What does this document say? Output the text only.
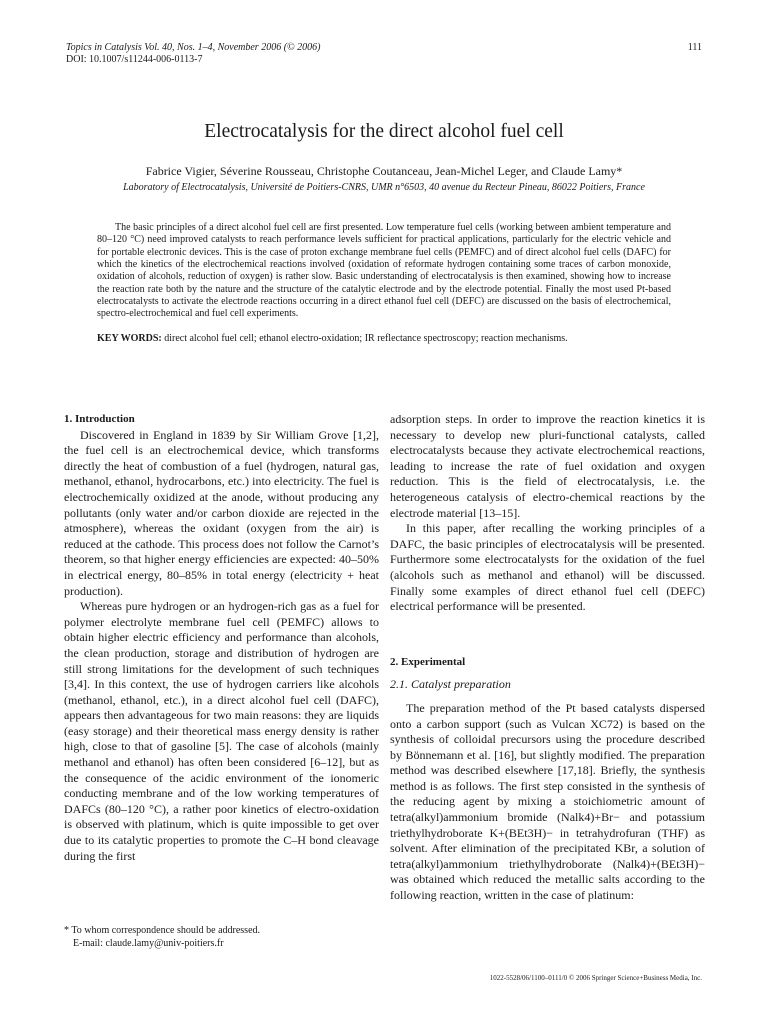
Topics in Catalysis Vol. 40, Nos. 1–4, November 2006 (© 2006)
DOI: 10.1007/s11244-006-0113-7
111
Electrocatalysis for the direct alcohol fuel cell
Fabrice Vigier, Séverine Rousseau, Christophe Coutanceau, Jean-Michel Leger, and Claude Lamy*
Laboratory of Electrocatalysis, Université de Poitiers-CNRS, UMR n°6503, 40 avenue du Recteur Pineau, 86022 Poitiers, France

The basic principles of a direct alcohol fuel cell are first presented. Low temperature fuel cells (working between ambient temperature and 80–120 °C) need improved catalysts to reach performance levels sufficient for practical applications, particularly for the electric vehicle and for portable electronic devices. This is the case of proton exchange membrane fuel cells (PEMFC) and of direct alcohol fuel cells (DAFC) for which the kinetics of the electrochemical reactions involved (oxidation of reformate hydrogen containing some traces of carbon monoxide, oxidation of alcohols, reduction of oxygen) is rather slow. Basic understanding of electrocatalysis is then examined, showing how to increase the reaction rate both by the nature and the structure of the catalytic electrode and by the electrode potential. Finally the most used Pt-based electrocatalysts to activate the electrode reactions occurring in a direct ethanol fuel cell (DEFC) are discussed on the basis of electrochemical, spectro-electrochemical and fuel cell experiments.

KEY WORDS: direct alcohol fuel cell; ethanol electro-oxidation; IR reflectance spectroscopy; reaction mechanisms.

1. Introduction

Discovered in England in 1839 by Sir William Grove [1,2], the fuel cell is an electrochemical device, which transforms directly the heat of combustion of a fuel (hydrogen, natural gas, methanol, ethanol, hydrocarbons, etc.) into electricity. The fuel is electrochemically oxidized at the anode, without producing any pollutants (only water and/or carbon dioxide are rejected in the atmosphere), whereas the oxidant (oxygen from the air) is reduced at the cathode. This process does not follow the Carnot’s theorem, so that higher energy efficiencies are expected: 40–50% in electrical energy, 80–85% in total energy (electricity + heat production).

Whereas pure hydrogen or an hydrogen-rich gas as a fuel for polymer electrolyte membrane fuel cell (PEMFC) allows to obtain higher electric efficiency and performance than alcohols, the clean production, storage and distribution of hydrogen are still strong limitations for the development of such techniques [3,4]. In this context, the use of hydrogen carriers like alcohols (methanol, ethanol, etc.), in a direct alcohol fuel cell (DAFC), appears then advantageous for two main reasons: they are liquids (easy storage) and their theoretical mass energy density is rather high, close to that of gasoline [5]. The case of alcohols (mainly methanol and ethanol) has often been considered [6–12], but as the consequence of the acidic environment of the ionomeric conducting membrane and of the low working temperatures of DAFCs (80–120 °C), a rather poor kinetics of electro-oxidation is observed with platinum, which is quite impossible to get over due to its catalytic properties to promote the C–H bond cleavage during the first

* To whom correspondence should be addressed.

E-mail: claude.lamy@univ-poitiers.fr

adsorption steps. In order to improve the reaction kinetics it is necessary to develop new pluri-functional catalysts, called electrocatalysts because they activate electrochemical reactions, leading to increase the rate of fuel oxidation and oxygen reduction. This is the field of electrocatalysis, i.e. the heterogeneous catalysis of electro-chemical reactions by the electrode material [13–15].

In this paper, after recalling the working principles of a DAFC, the basic principles of electrocatalysis will be presented. Furthermore some electrocatalysts for the oxidation of the fuel (alcohols such as methanol and ethanol) will be discussed. Finally some examples of direct ethanol fuel cell (DEFC) electrical performance will be presented.

2. Experimental
2.1. Catalyst preparation

The preparation method of the Pt based catalysts dispersed onto a carbon support (such as Vulcan XC72) is based on the synthesis of colloidal precursors using the procedure described by Bönnemann et al. [16], but slightly modified. The preparation method was described elsewhere [17,18]. Briefly, the synthesis method is as follows. The first step consisted in the synthesis of the reducing agent by mixing a stoichiometric amount of tetra(alkyl)ammonium bromide (Nalk4)+Br− and potassium triethylhydroborate K+(BEt3H)− in tetrahydrofuran (THF) as solvent. After elimination of the precipitated KBr, a solution of tetra(alkyl)ammonium triethylhydroborate (Nalk4)+(BEt3H)− was obtained which reduced the metallic salts according to the following reaction, written in the case of platinum:

1022-5528/06/1100–0111/0 © 2006 Springer Science+Business Media, Inc.
